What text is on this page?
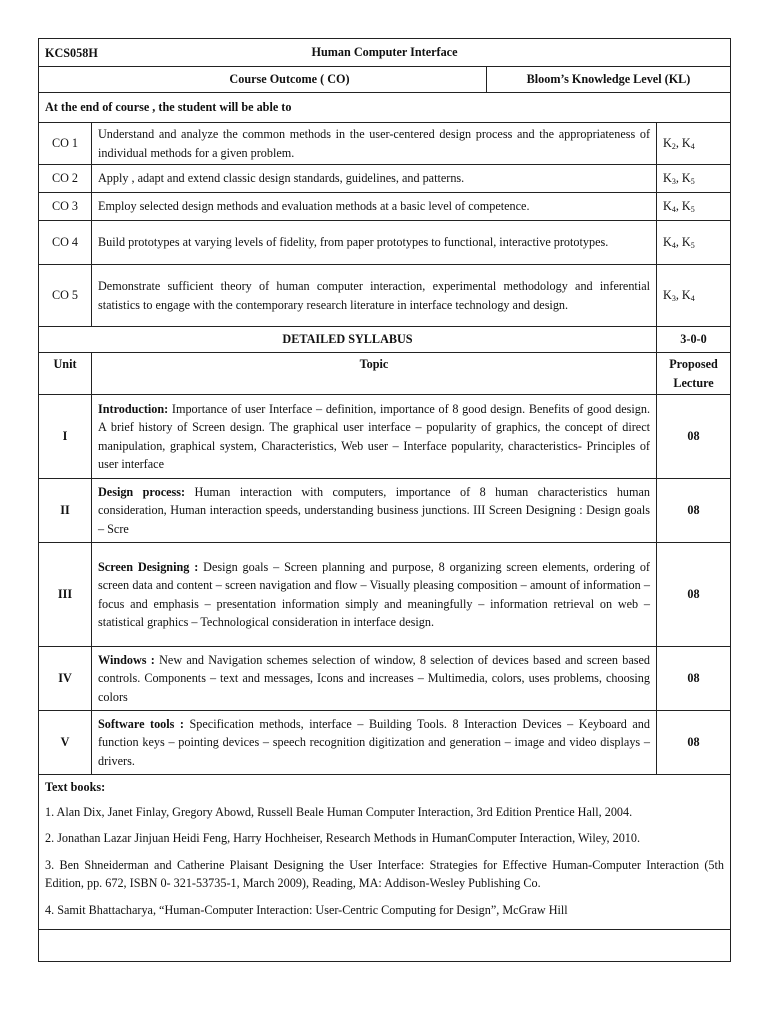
KCS058H Human Computer Interface			

Course Outcome ( CO)		Bloom’s Knowledge Level (KL)	
At the end of course , the student will be able to			
CO 1	Understand and analyze the common methods in the user-centered design process and the appropriateness of individual methods for a given problem.		$K_2$, $K_4$
CO 2	Apply , adapt and extend classic design standards, guidelines, and patterns.		$K_3$, $K_5$
CO 3	Employ selected design methods and evaluation methods at a basic level of competence.		$K_4$, $K_5$
CO 4	Build prototypes at varying levels of fidelity, from paper prototypes to functional, interactive prototypes.		$K_4$, $K_5$
CO 5	Demonstrate sufficient theory of human computer interaction, experimental methodology and inferential statistics to engage with the contemporary research literature in interface technology and design.		$K_3$, $K_4$
DETAILED SYLLABUS			3-0-0
Unit	Topic		Proposed Lecture
I	Introduction: Importance of user Interface – definition, importance of 8 good design. Benefits of good design. A brief history of Screen design. The graphical user interface – popularity of graphics, the concept of direct manipulation, graphical system, Characteristics, Web user – Interface popularity, characteristics- Principles of user interface		08
II	Design process: Human interaction with computers, importance of 8 human characteristics human consideration, Human interaction speeds, understanding business junctions. III Screen Designing : Design goals – Scre		08
III	Screen Designing : Design goals – Screen planning and purpose, 8 organizing screen elements, ordering of screen data and content – screen navigation and flow – Visually pleasing composition – amount of information – focus and emphasis – presentation information simply and meaningfully – information retrieval on web – statistical graphics – Technological consideration in interface design.		08
IV	Windows : New and Navigation schemes selection of window, 8 selection of devices based and screen based controls. Components – text and messages, Icons and increases – Multimedia, colors, uses problems, choosing colors		08
V	Software tools : Specification methods, interface – Building Tools. 8 Interaction Devices – Keyboard and function keys – pointing devices – speech recognition digitization and generation – image and video displays – drivers.		08

Text books:
1. Alan Dix, Janet Finlay, Gregory Abowd, Russell Beale Human Computer Interaction, 3rd Edition Prentice Hall, 2004.
2. Jonathan Lazar Jinjuan Heidi Feng, Harry Hochheiser, Research Methods in HumanComputer Interaction, Wiley, 2010.
3. Ben Shneiderman and Catherine Plaisant Designing the User Interface: Strategies for Effective Human-Computer Interaction (5th Edition, pp. 672, ISBN 0- 321-53735-1, March 2009), Reading, MA: Addison-Wesley Publishing Co.
4. Samit Bhattacharya, “Human-Computer Interaction: User-Centric Computing for Design”, McGraw Hill			
